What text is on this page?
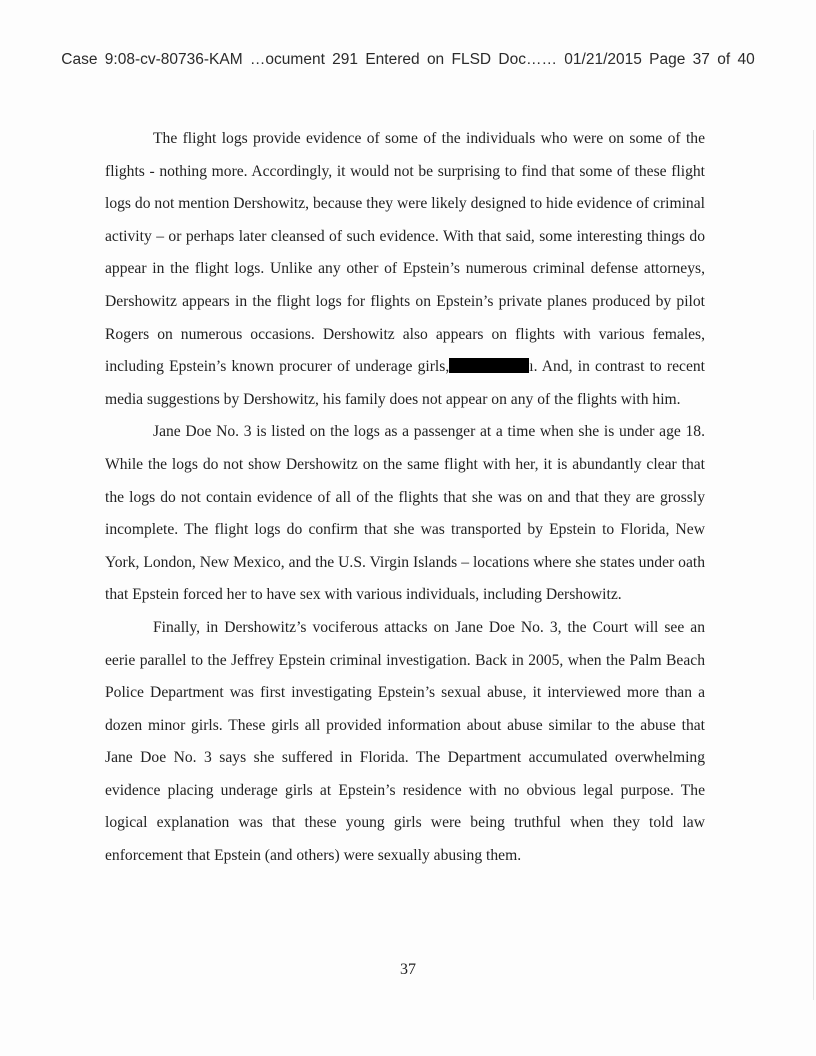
Case 9:08-cv-80736-KAM …ocument 291 Entered on FLSD Doc…… 01/21/2015 Page 37 of 40

The flight logs provide evidence of some of the individuals who were on some of the flights - nothing more. Accordingly, it would not be surprising to find that some of these flight logs do not mention Dershowitz, because they were likely designed to hide evidence of criminal activity – or perhaps later cleansed of such evidence. With that said, some interesting things do appear in the flight logs. Unlike any other of Epstein’s numerous criminal defense attorneys, Dershowitz appears in the flight logs for flights on Epstein’s private planes produced by pilot Rogers on numerous occasions. Dershowitz also appears on flights with various females, including Epstein’s known procurer of underage girls,	ı. And, in contrast to recent media suggestions by Dershowitz, his family does not appear on any of the flights with him.

Jane Doe No. 3 is listed on the logs as a passenger at a time when she is under age 18. While the logs do not show Dershowitz on the same flight with her, it is abundantly clear that the logs do not contain evidence of all of the flights that she was on and that they are grossly incomplete. The flight logs do confirm that she was transported by Epstein to Florida, New York, London, New Mexico, and the U.S. Virgin Islands – locations where she states under oath that Epstein forced her to have sex with various individuals, including Dershowitz.

Finally, in Dershowitz’s vociferous attacks on Jane Doe No. 3, the Court will see an eerie parallel to the Jeffrey Epstein criminal investigation. Back in 2005, when the Palm Beach Police Department was first investigating Epstein’s sexual abuse, it interviewed more than a dozen minor girls. These girls all provided information about abuse similar to the abuse that Jane Doe No. 3 says she suffered in Florida. The Department accumulated overwhelming evidence placing underage girls at Epstein’s residence with no obvious legal purpose. The logical explanation was that these young girls were being truthful when they told law enforcement that Epstein (and others) were sexually abusing them.

37
